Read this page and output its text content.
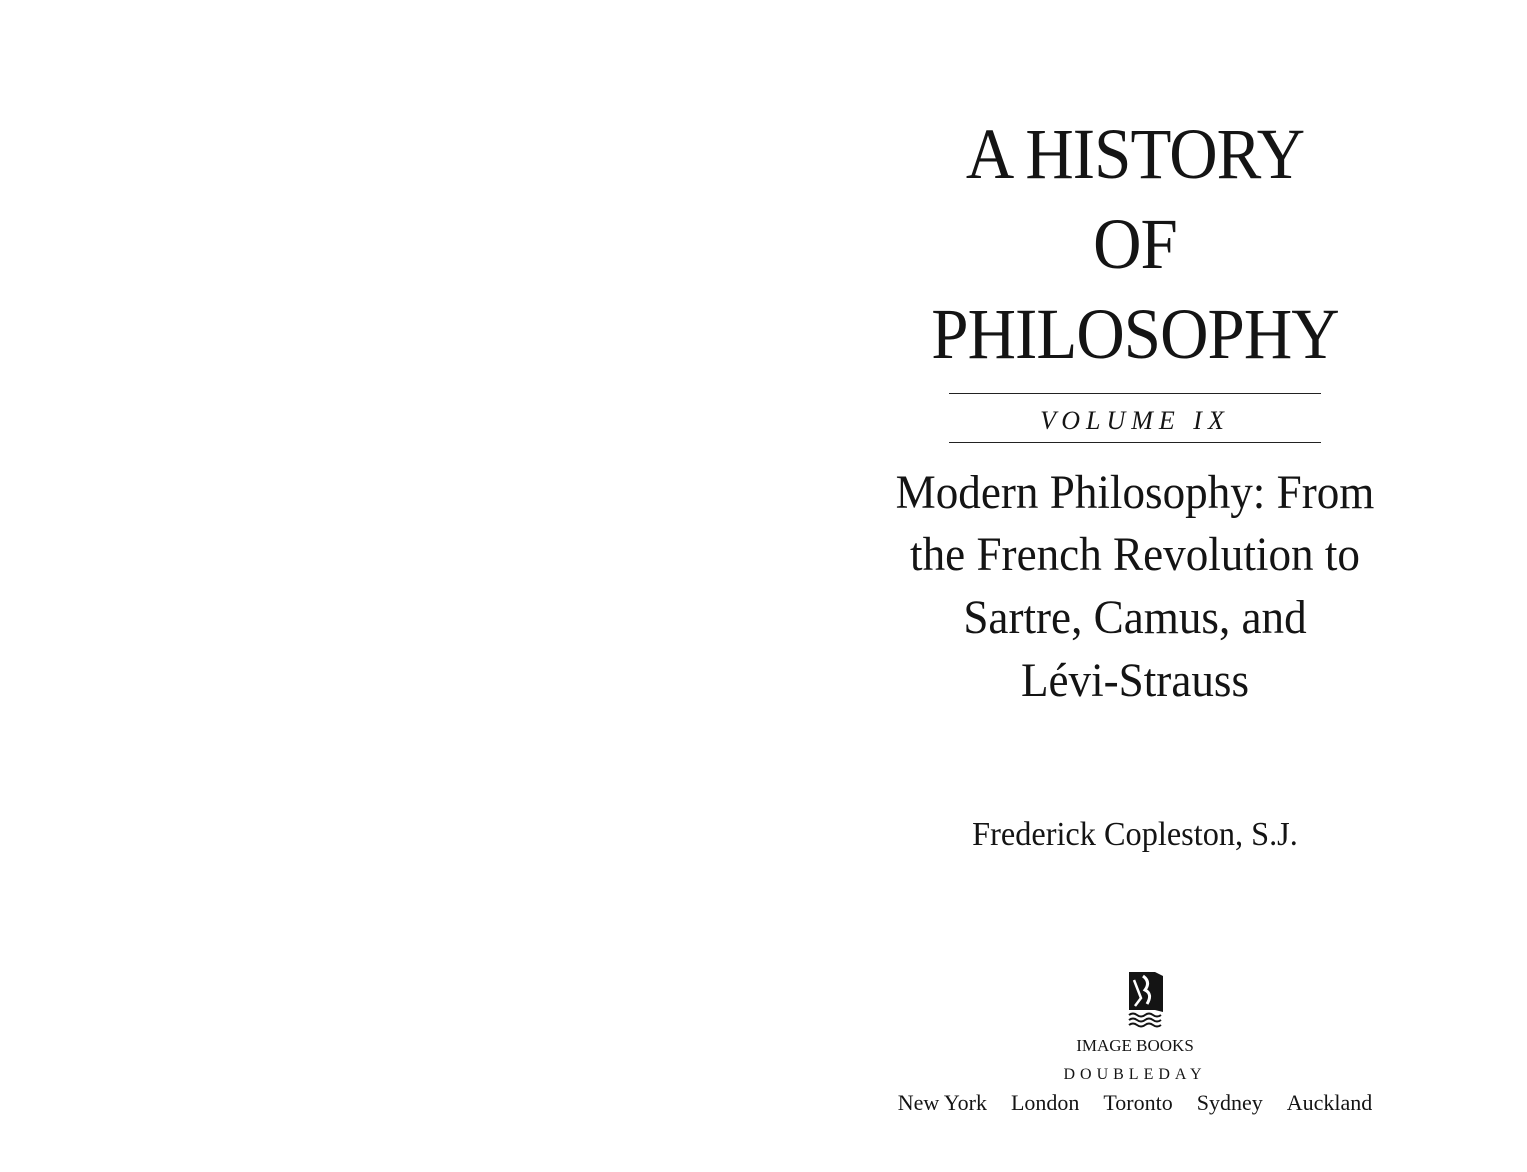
A HISTORY
OF
PHILOSOPHY
VOLUME IX
Modern Philosophy: From
the French Revolution to
Sartre, Camus, and
Lévi-Strauss
Frederick Copleston, S.J.
IMAGE BOOKS
DOUBLEDAY
New York London Toronto Sydney Auckland
